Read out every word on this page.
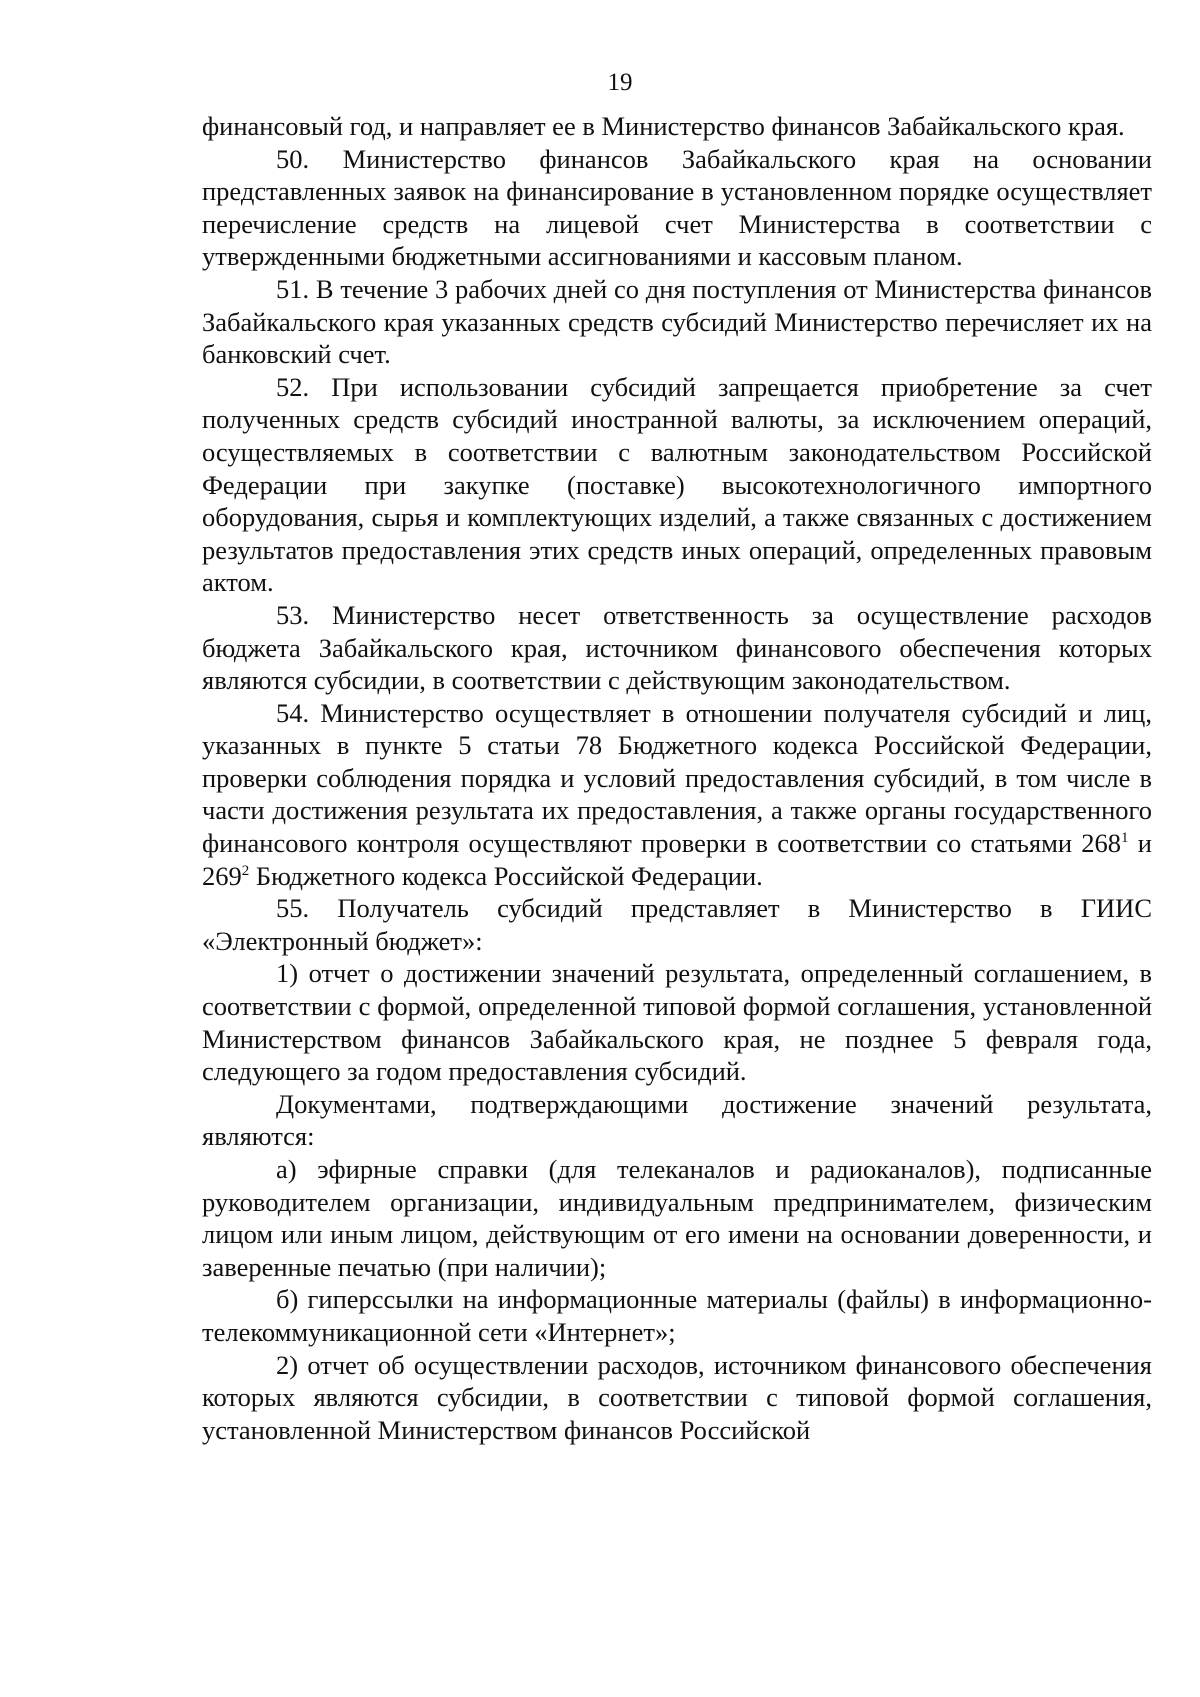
19

финансовый год, и направляет ее в Министерство финансов Забайкальского края.

50. Министерство финансов Забайкальского края на основании представленных заявок на финансирование в установленном порядке осуществляет перечисление средств на лицевой счет Министерства в соответствии с утвержденными бюджетными ассигнованиями и кассовым планом.

51. В течение 3 рабочих дней со дня поступления от Министерства финансов Забайкальского края указанных средств субсидий Министерство перечисляет их на банковский счет.

52. При использовании субсидий запрещается приобретение за счет полученных средств субсидий иностранной валюты, за исключением операций, осуществляемых в соответствии с валютным законодательством Российской Федерации при закупке (поставке) высокотехнологичного импортного оборудования, сырья и комплектующих изделий, а также связанных с достижением результатов предоставления этих средств иных операций, определенных правовым актом.

53. Министерство несет ответственность за осуществление расходов бюджета Забайкальского края, источником финансового обеспечения которых являются субсидии, в соответствии с действующим законодательством.

54. Министерство осуществляет в отношении получателя субсидий и лиц, указанных в пункте 5 статьи 78 Бюджетного кодекса Российской Федерации, проверки соблюдения порядка и условий предоставления субсидий, в том числе в части достижения результата их предоставления, а также органы государственного финансового контроля осуществляют проверки в соответствии со статьями $268^1$ и $269^2$ Бюджетного кодекса Российской Федерации.

55. Получатель субсидий представляет в Министерство в ГИИС «Электронный бюджет»:

1) отчет о достижении значений результата, определенный соглашением, в соответствии с формой, определенной типовой формой соглашения, установленной Министерством финансов Забайкальского края, не позднее 5 февраля года, следующего за годом предоставления субсидий.

Документами, подтверждающими достижение значений результата, являются:

а) эфирные справки (для телеканалов и радиоканалов), подписанные руководителем организации, индивидуальным предпринимателем, физическим лицом или иным лицом, действующим от его имени на основании доверенности, и заверенные печатью (при наличии);

б) гиперссылки на информационные материалы (файлы) в информационно-телекоммуникационной сети «Интернет»;

2) отчет об осуществлении расходов, источником финансового обеспечения которых являются субсидии, в соответствии с типовой формой соглашения, установленной Министерством финансов Российской
